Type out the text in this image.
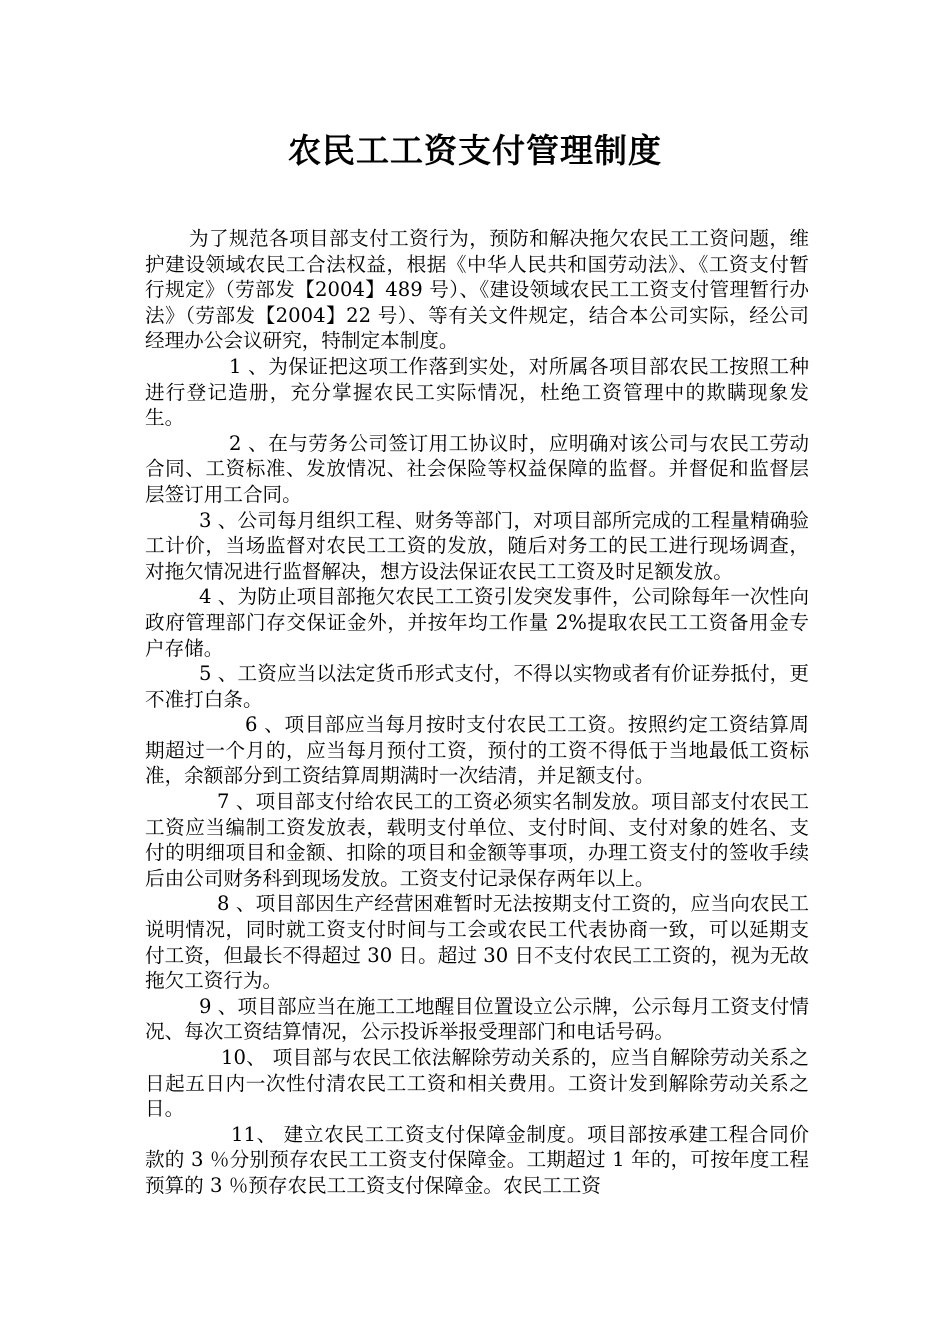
农民工工资支付管理制度

为了规范各项目部支付工资行为，预防和解决拖欠农民工工资问题，维护建设领域农民工合法权益，根据《中华人民共和国劳动法》、《工资支付暂行规定》（劳部发【2004】489 号）、《建设领域农民工工资支付管理暂行办法》（劳部发【2004】22 号）、等有关文件规定，结合本公司实际，经公司经理办公会议研究，特制定本制度。

1 、为保证把这项工作落到实处，对所属各项目部农民工按照工种进行登记造册，充分掌握农民工实际情况，杜绝工资管理中的欺瞒现象发生。

2 、在与劳务公司签订用工协议时，应明确对该公司与农民工劳动合同、工资标准、发放情况、社会保险等权益保障的监督。并督促和监督层层签订用工合同。

3 、公司每月组织工程、财务等部门，对项目部所完成的工程量精确验工计价，当场监督对农民工工资的发放，随后对务工的民工进行现场调查，对拖欠情况进行监督解决，想方设法保证农民工工资及时足额发放。

4 、为防止项目部拖欠农民工工资引发突发事件，公司除每年一次性向政府管理部门存交保证金外，并按年均工作量 2%提取农民工工资备用金专户存储。

5 、工资应当以法定货币形式支付，不得以实物或者有价证券抵付，更不准打白条。

6 、项目部应当每月按时支付农民工工资。按照约定工资结算周期超过一个月的，应当每月预付工资，预付的工资不得低于当地最低工资标准，余额部分到工资结算周期满时一次结清，并足额支付。

7 、项目部支付给农民工的工资必须实名制发放。项目部支付农民工工资应当编制工资发放表，载明支付单位、支付时间、支付对象的姓名、支付的明细项目和金额、扣除的项目和金额等事项，办理工资支付的签收手续后由公司财务科到现场发放。工资支付记录保存两年以上。

8 、项目部因生产经营困难暂时无法按期支付工资的，应当向农民工说明情况，同时就工资支付时间与工会或农民工代表协商一致，可以延期支付工资，但最长不得超过 30 日。超过 30 日不支付农民工工资的，视为无故拖欠工资行为。

9 、项目部应当在施工工地醒目位置设立公示牌，公示每月工资支付情况、每次工资结算情况，公示投诉举报受理部门和电话号码。

10、 项目部与农民工依法解除劳动关系的，应当自解除劳动关系之日起五日内一次性付清农民工工资和相关费用。工资计发到解除劳动关系之日。

11、 建立农民工工资支付保障金制度。项目部按承建工程合同价款的 3 ％分别预存农民工工资支付保障金。工期超过 1 年的，可按年度工程预算的 3 ％预存农民工工资支付保障金。农民工工资
